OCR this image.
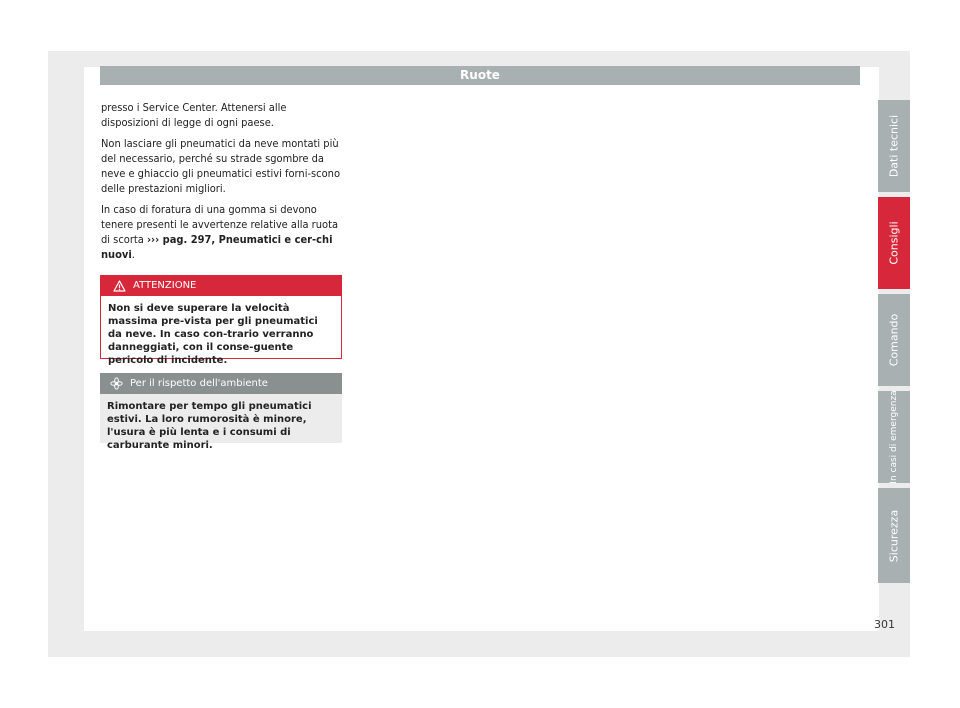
Ruote

presso i Service Center. Attenersi alle disposizioni di legge di ogni paese.

Non lasciare gli pneumatici da neve montati più del necessario, perché su strade sgombre da neve e ghiaccio gli pneumatici estivi forni-scono delle prestazioni migliori.

In caso di foratura di una gomma si devono tenere presenti le avvertenze relative alla ruota di scorta ››› pag. 297, Pneumatici e cer-chi nuovi.

ATTENZIONE
Non si deve superare la velocità massima pre-vista per gli pneumatici da neve. In caso con-trario verranno danneggiati, con il conse-guente pericolo di incidente.
Per il rispetto dell'ambiente
Rimontare per tempo gli pneumatici estivi. La loro rumorosità è minore, l'usura è più lenta e i consumi di carburante minori.
Dati tecnici
Consigli
Comando
In casi di emergenza
Sicurezza
301
